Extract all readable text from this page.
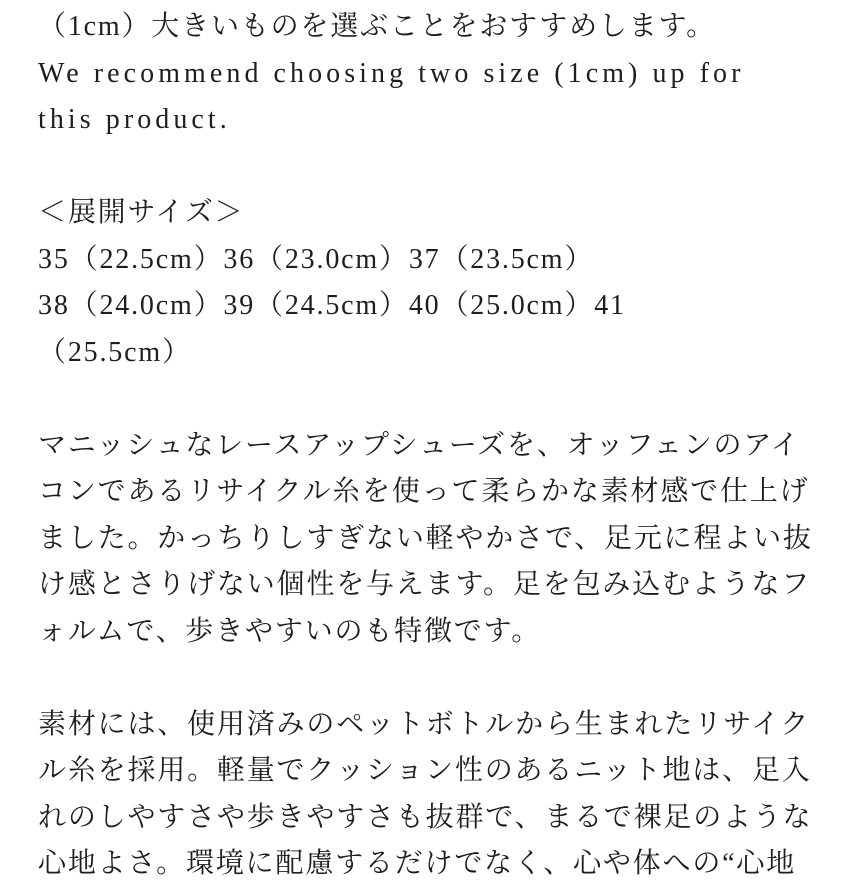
（1cm）大きいものを選ぶことをおすすめします。
We recommend choosing two size (1cm) up for
this product.
＜展開サイズ＞
35（22.5cm）36（23.0cm）37（23.5cm）
38（24.0cm）39（24.5cm）40（25.0cm）41
（25.5cm）
マニッシュなレースアップシューズを、オッフェンのアイ
コンであるリサイクル糸を使って柔らかな素材感で仕上げ
ました。かっちりしすぎない軽やかさで、足元に程よい抜
け感とさりげない個性を与えます。足を包み込むようなフ
ォルムで、歩きやすいのも特徴です。
素材には、使用済みのペットボトルから生まれたリサイク
ル糸を採用。軽量でクッション性のあるニット地は、足入
れのしやすさや歩きやすさも抜群で、まるで裸足のような
心地よさ。環境に配慮するだけでなく、心や体への“心地
